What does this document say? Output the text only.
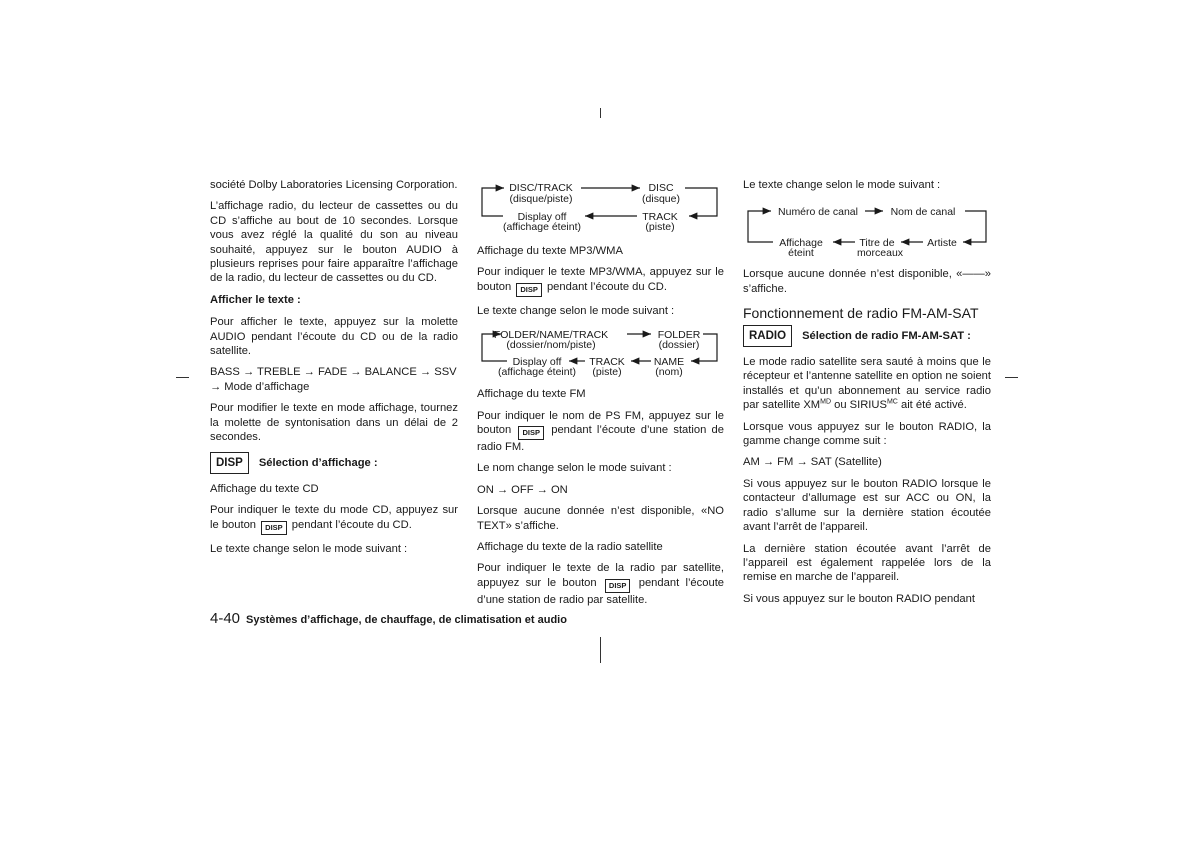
société Dolby Laboratories Licensing Corporation.

L’affichage radio, du lecteur de cassettes ou du CD s’affiche au bout de 10 secondes. Lorsque vous avez réglé la qualité du son au niveau souhaité, appuyez sur le bouton AUDIO à plusieurs reprises pour faire apparaître l’affichage de la radio, du lecteur de cassettes ou du CD.

Afficher le texte :

Pour afficher le texte, appuyez sur la molette AUDIO pendant l’écoute du CD ou de la radio satellite.

BASS → TREBLE → FADE → BALANCE → SSV → Mode d’affichage

Pour modifier le texte en mode affichage, tournez la molette de syntonisation dans un délai de 2 secondes.

DISP	Sélection d’affichage :

Affichage du texte CD

Pour indiquer le texte du mode CD, appuyez sur le bouton DISP pendant l’écoute du CD.

Le texte change selon le mode suivant :

DISC/TRACK
(disque/piste)
DISC
(disque)
Display off
(affichage éteint)
TRACK
(piste)

Affichage du texte MP3/WMA

Pour indiquer le texte MP3/WMA, appuyez sur le bouton DISP pendant l’écoute du CD.

Le texte change selon le mode suivant :

FOLDER/NAME/TRACK
(dossier/nom/piste)
FOLDER
(dossier)
Display off
(affichage éteint)
TRACK
(piste)
NAME
(nom)

Affichage du texte FM

Pour indiquer le nom de PS FM, appuyez sur le bouton DISP pendant l’écoute d’une station de radio FM.

Le nom change selon le mode suivant :

ON → OFF → ON

Lorsque aucune donnée n’est disponible, «NO TEXT» s’affiche.

Affichage du texte de la radio satellite

Pour indiquer le texte de la radio par satellite, appuyez sur le bouton DISP pendant l’écoute d’une station de radio par satellite.

Le texte change selon le mode suivant :

Numéro de canal	Nom de canal
Affichage
éteint
Titre de
morceaux
Artiste

Lorsque aucune donnée n’est disponible, «——» s’affiche.

Fonctionnement de radio FM-AM-SAT
RADIO	Sélection de radio FM-AM-SAT :

Le mode radio satellite sera sauté à moins que le récepteur et l’antenne satellite en option ne soient installés et qu’un abonnement au service radio par satellite $XM^{MD}$ ou $SIRIUS^{MC}$ ait été activé.

Lorsque vous appuyez sur le bouton RADIO, la gamme change comme suit :

AM → FM → SAT (Satellite)

Si vous appuyez sur le bouton RADIO lorsque le contacteur d’allumage est sur ACC ou ON, la radio s’allume sur la dernière station écoutée avant l’arrêt de l’appareil.

La dernière station écoutée avant l’arrêt de l’appareil est également rappelée lors de la remise en marche de l’appareil.

Si vous appuyez sur le bouton RADIO pendant

4-40 Systèmes d’affichage, de chauffage, de climatisation et audio
